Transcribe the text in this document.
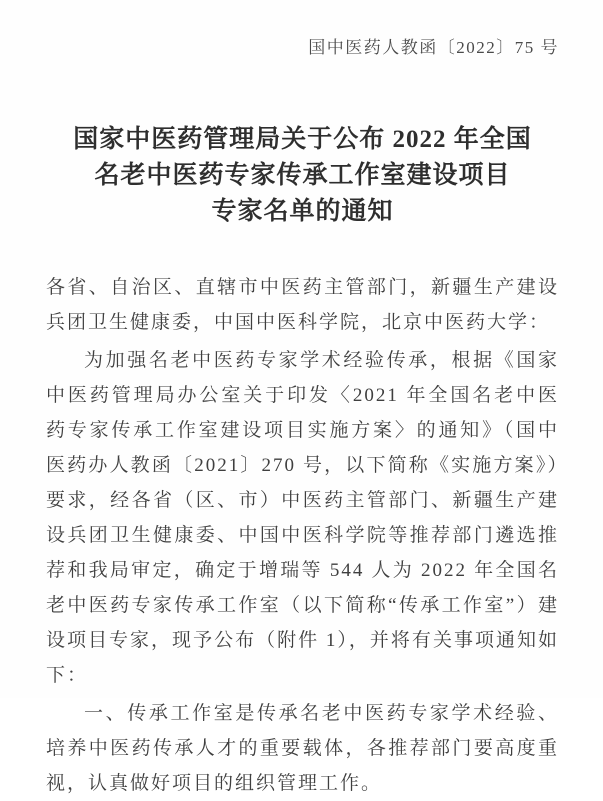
国中医药人教函〔2022〕75 号
国家中医药管理局关于公布 2022 年全国
名老中医药专家传承工作室建设项目
专家名单的通知

各省、自治区、直辖市中医药主管部门，新疆生产建设兵团卫生健康委，中国中医科学院，北京中医药大学：

为加强名老中医药专家学术经验传承，根据《国家中医药管理局办公室关于印发〈2021 年全国名老中医药专家传承工作室建设项目实施方案〉的通知》（国中医药办人教函〔2021〕270 号，以下简称《实施方案》）要求，经各省（区、市）中医药主管部门、新疆生产建设兵团卫生健康委、中国中医科学院等推荐部门遴选推荐和我局审定，确定于增瑞等 544 人为 2022 年全国名老中医药专家传承工作室（以下简称“传承工作室”）建设项目专家，现予公布（附件 1），并将有关事项通知如下：

一、传承工作室是传承名老中医药专家学术经验、培养中医药传承人才的重要载体，各推荐部门要高度重视，认真做好项目的组织管理工作。
